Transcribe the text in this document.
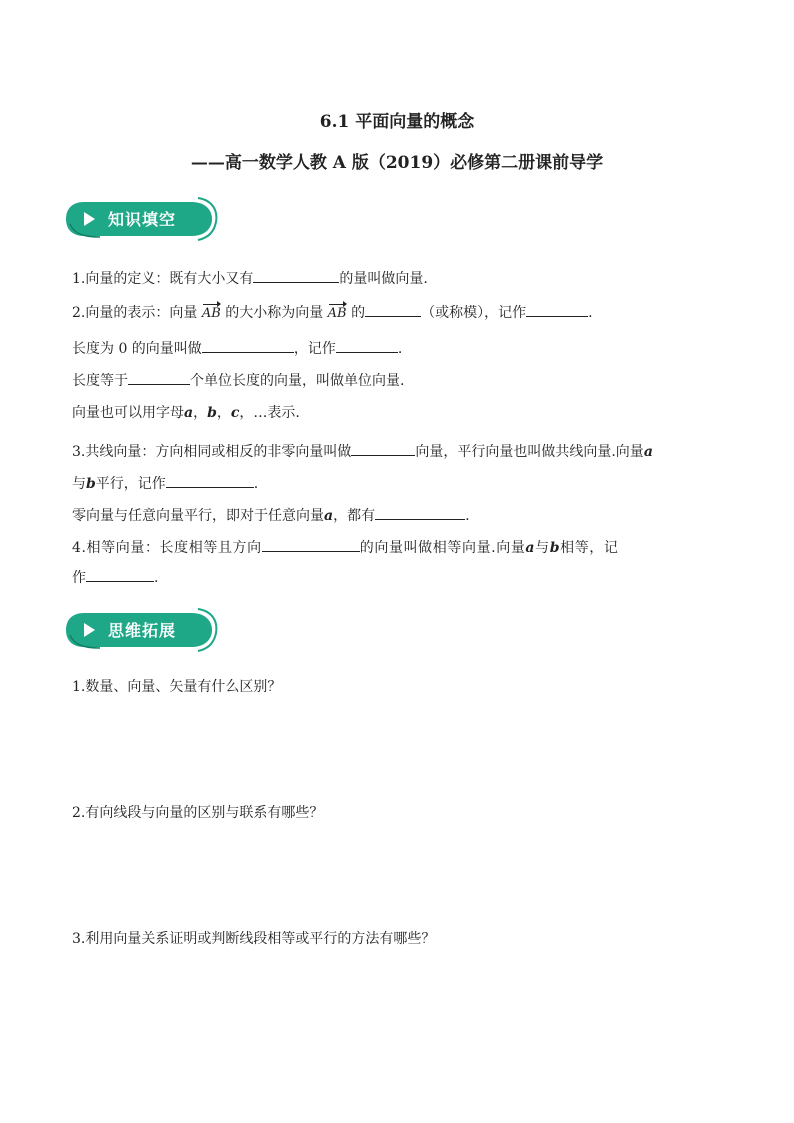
6.1 平面向量的概念
——高一数学人教 A 版（2019）必修第二册课前导学
知识填空
1.向量的定义：既有大小又有	的量叫做向量.
2.向量的表示：向量 AB 的大小称为向量 AB 的	（或称模），记作	.
长度为 0 的向量叫做	，记作	.
长度等于	个单位长度的向量，叫做单位向量.
向量也可以用字母a，b，c，…表示.
3.共线向量：方向相同或相反的非零向量叫做	向量，平行向量也叫做共线向量.向量a
与b平行，记作	.
零向量与任意向量平行，即对于任意向量a，都有	.
4.相等向量：长度相等且方向	的向量叫做相等向量.向量a与b相等，记
作	.
思维拓展
1.数量、向量、矢量有什么区别？
2.有向线段与向量的区别与联系有哪些？
3.利用向量关系证明或判断线段相等或平行的方法有哪些？
